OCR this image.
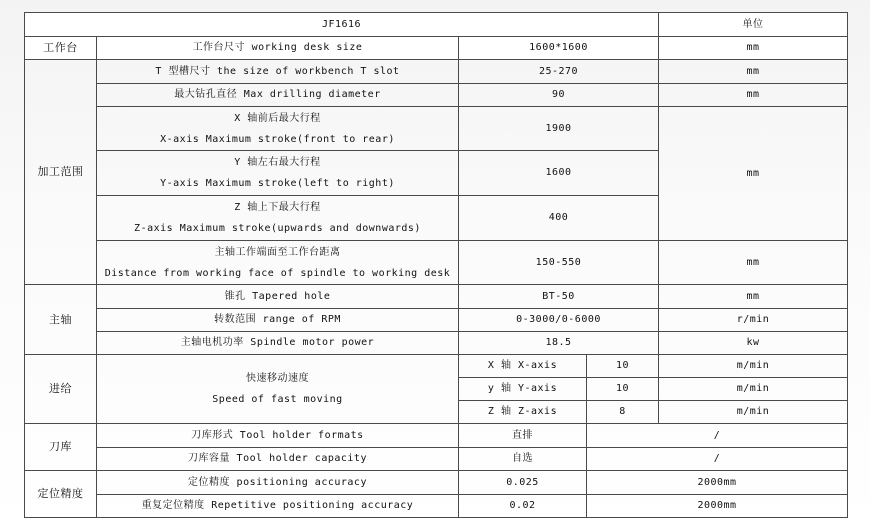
JF1616				单位
工作台	工作台尺寸 working desk size	1600*1600		mm
加工范围	T 型槽尺寸 the size of workbench T slot	25-270		mm
	最大钻孔直径 Max drilling diameter	90		mm

	X 轴前后最大行程
X-axis Maximum stroke(front to rear)	1900		mm

	Y 轴左右最大行程
Y-axis Maximum stroke(left to right)	1600		

	Z 轴上下最大行程
Z-axis Maximum stroke(upwards and downwards)	400		

	主轴工作端面至工作台距离
Distance from working face of spindle to working desk	150-550		mm
主轴	锥孔 Tapered hole	BT-50		mm
	转数范围 range of RPM	0-3000/0-6000		r/min
	主轴电机功率 Spindle motor power	18.5		kw
进给	快速移动速度
Speed of fast moving	X 轴 X-axis	10	m/min
		y 轴 Y-axis	10	m/min
		Z 轴 Z-axis	8	m/min
刀库	刀库形式 Tool holder formats	直排	/	
	刀库容量 Tool holder capacity	自选	/	
定位精度	定位精度 positioning accuracy	0.025	2000mm	
	重复定位精度 Repetitive positioning accuracy	0.02	2000mm	
